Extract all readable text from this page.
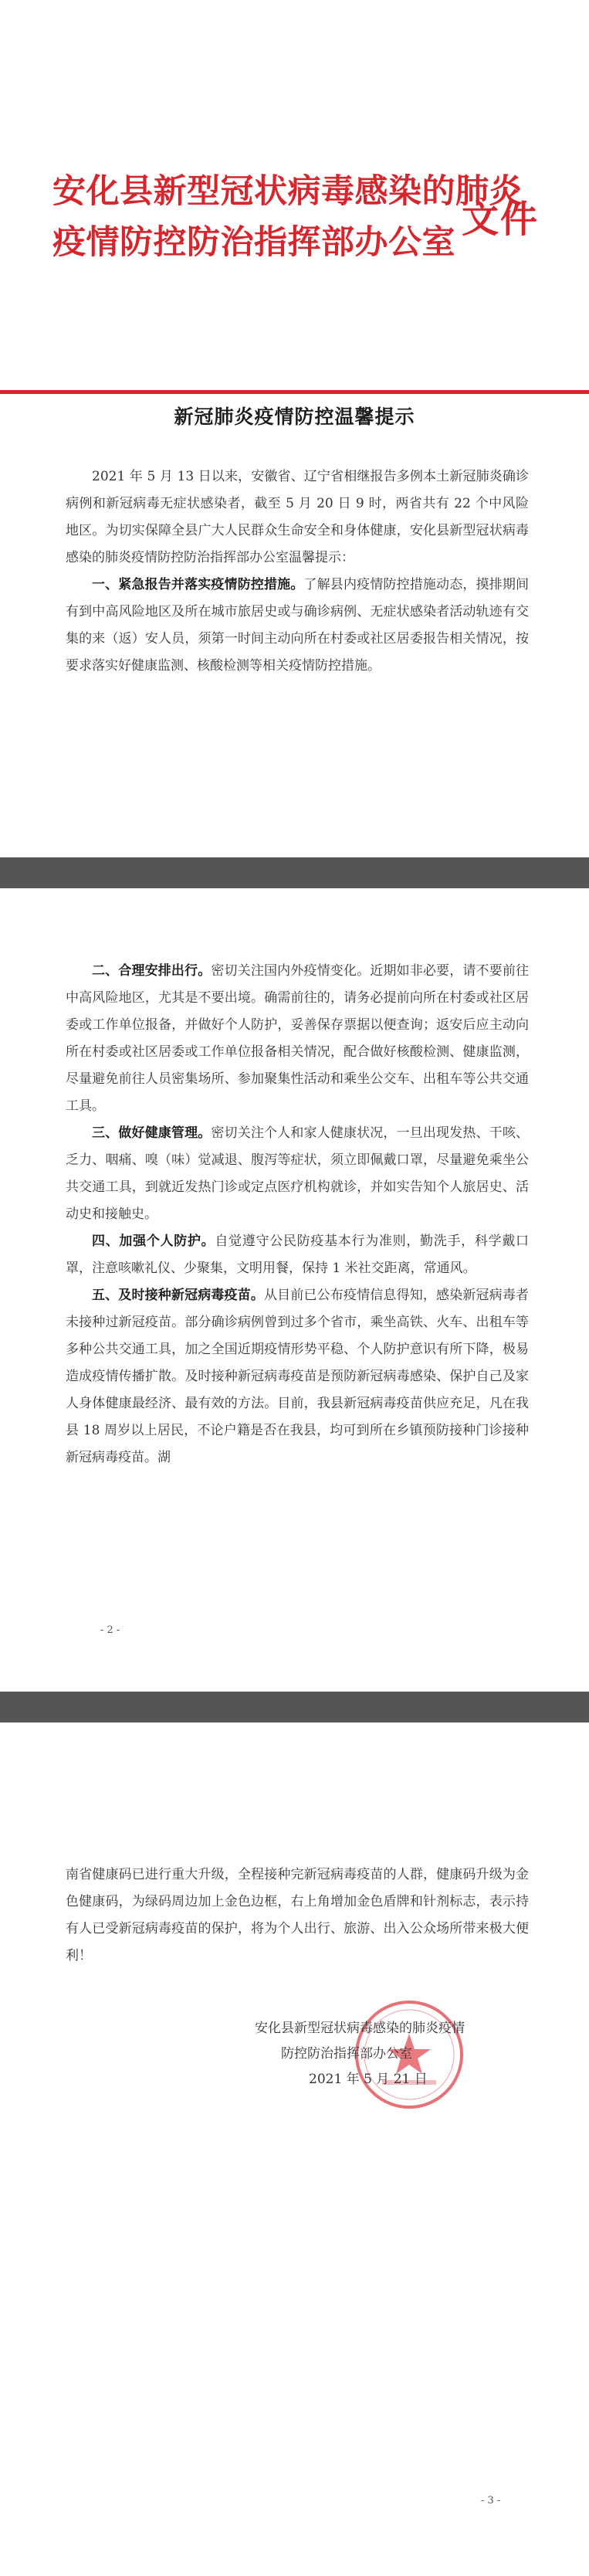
安化县新型冠状病毒感染的肺炎
疫情防控防治指挥部办公室
文件
新冠肺炎疫情防控温馨提示

2021 年 5 月 13 日以来，安徽省、辽宁省相继报告多例本土新冠肺炎确诊病例和新冠病毒无症状感染者，截至 5 月 20 日 9 时，两省共有 22 个中风险地区。为切实保障全县广大人民群众生命安全和身体健康，安化县新型冠状病毒感染的肺炎疫情防控防治指挥部办公室温馨提示：

一、紧急报告并落实疫情防控措施。了解县内疫情防控措施动态，摸排期间有到中高风险地区及所在城市旅居史或与确诊病例、无症状感染者活动轨迹有交集的来（返）安人员，须第一时间主动向所在村委或社区居委报告相关情况，按要求落实好健康监测、核酸检测等相关疫情防控措施。

二、合理安排出行。密切关注国内外疫情变化。近期如非必要，请不要前往中高风险地区，尤其是不要出境。确需前往的，请务必提前向所在村委或社区居委或工作单位报备，并做好个人防护，妥善保存票据以便查询；返安后应主动向所在村委或社区居委或工作单位报备相关情况，配合做好核酸检测、健康监测，尽量避免前往人员密集场所、参加聚集性活动和乘坐公交车、出租车等公共交通工具。

三、做好健康管理。密切关注个人和家人健康状况，一旦出现发热、干咳、乏力、咽痛、嗅（味）觉减退、腹泻等症状，须立即佩戴口罩，尽量避免乘坐公共交通工具，到就近发热门诊或定点医疗机构就诊，并如实告知个人旅居史、活动史和接触史。

四、加强个人防护。自觉遵守公民防疫基本行为准则，勤洗手，科学戴口罩，注意咳嗽礼仪、少聚集，文明用餐，保持 1 米社交距离，常通风。

五、及时接种新冠病毒疫苗。从目前已公布疫情信息得知，感染新冠病毒者未接种过新冠疫苗。部分确诊病例曾到过多个省市，乘坐高铁、火车、出租车等多种公共交通工具，加之全国近期疫情形势平稳、个人防护意识有所下降，极易造成疫情传播扩散。及时接种新冠病毒疫苗是预防新冠病毒感染、保护自己及家人身体健康最经济、最有效的方法。目前，我县新冠病毒疫苗供应充足，凡在我县 18 周岁以上居民，不论户籍是否在我县，均可到所在乡镇预防接种门诊接种新冠病毒疫苗。湖

- 2 -

南省健康码已进行重大升级，全程接种完新冠病毒疫苗的人群，健康码升级为金色健康码，为绿码周边加上金色边框，右上角增加金色盾牌和针剂标志，表示持有人已受新冠病毒疫苗的保护，将为个人出行、旅游、出入公众场所带来极大便利！

安化县新型冠状病毒感染的肺炎疫情
防控防治指挥部办公室
2021 年 5 月 21 日
- 3 -
